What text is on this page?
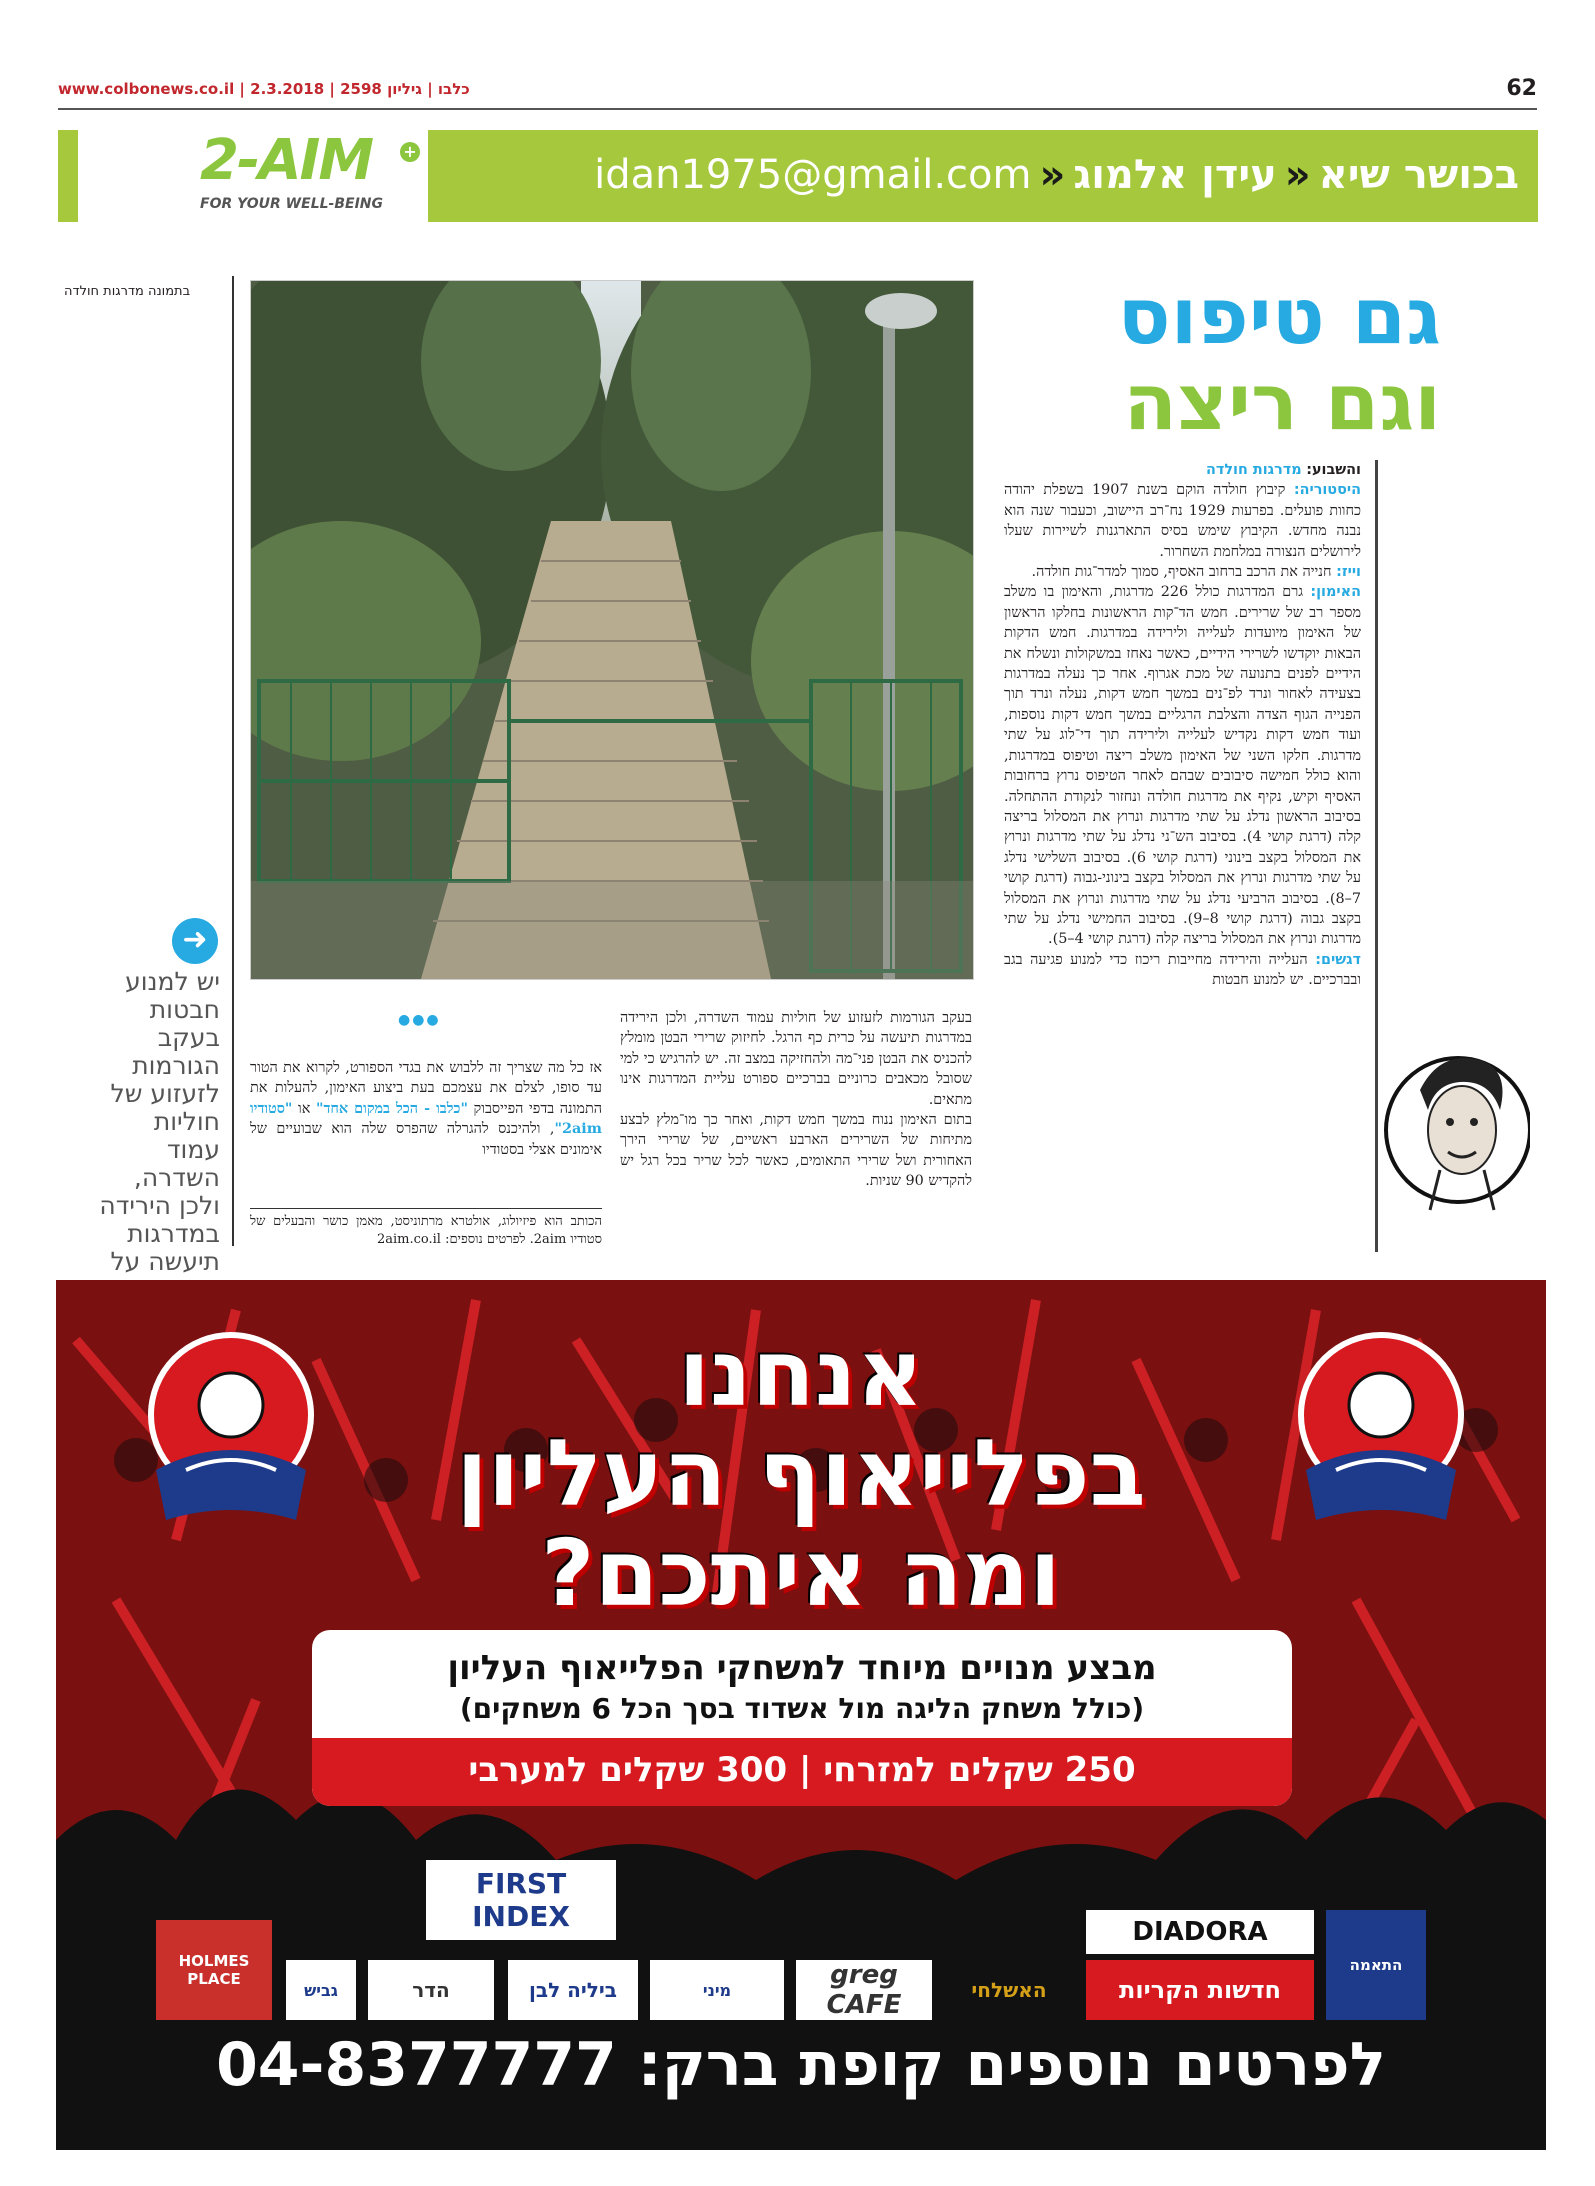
www.colbonews.co.il | כלבו | גיליון 2598 | 2.3.2018	62
2-AIM +
FOR YOUR WELL-BEING
בכושר שיא«עידן אלמוג«idan1975@gmail.com
גם טיפוס
וגם ריצה
בתמונה מדרגות חולדה
והשבוע: מדרגות חולדה
היסטוריה: קיבוץ חולדה הוקם בשנת 1907 בשפלת יהודה כחוות פועלים. בפרעות 1929 נח־רב היישוב, וכעבור שנה הוא נבנה מחדש. הקיבוץ שימש בסיס התארגנות לשיירות שעלו לירושלים הנצורה במלחמת השחרור.
וייז: חנייה את הרכב ברחוב האסיף, סמוך למדר־גות חולדה.
האימון: גרם המדרגות כולל 226 מדרגות, והאימון בו משלב מספר רב של שרירים. חמש הד־קות הראשונות בחלקו הראשון של האימון מיועדות לעלייה ולירידה במדרגות. חמש הדקות הבאות יוקדשו לשרירי הידיים, כאשר נאחז במשקולות ונשלח את הידיים לפנים בתנועה של מכת אגרוף. אחר כך נעלה במדרגות בצעידה לאחור ונרד לפ־נים במשך חמש דקות, נעלה ונרד תוך הפנייה הגוף הצדה והצלבת הרגליים במשך חמש דקות נוספות, ועוד חמש דקות נקדיש לעלייה ולירידה תוך די־לוג על שתי מדרגות. חלקו השני של האימון משלב ריצה וטיפוס במדרגות, והוא כולל חמישה סיבובים שבהם לאחר הטיפוס נרוץ ברחובות האסיף וקיש, נקיף את מדרגות חולדה ונחזור לנקודת ההתחלה. בסיבוב הראשון נדלג על שתי מדרגות ונרוץ את המסלול בריצה קלה (דרגת קושי 4). בסיבוב הש־ני נדלג על שתי מדרגות ונרוץ את המסלול בקצב בינוני (דרגת קושי 6). בסיבוב השלישי נדלג על שתי מדרגות ונרוץ את המסלול בקצב בינוני-גבוה (דרגת קושי 7–8). בסיבוב הרביעי נדלג על שתי מדרגות ונרוץ את המסלול בקצב גבוה (דרגת קושי 8–9). בסיבוב החמישי נדלג על שתי מדרגות ונרוץ את המסלול בריצה קלה (דרגת קושי 4–5).
דגשים: העלייה והירידה מחייבות ריכוז כדי למנוע פגיעה בגב ובברכיים. יש למנוע חבטות
בעקב הגורמות לזעזוע של חוליות עמוד השדרה, ולכן הירידה במדרגות תיעשה על כרית כף הרגל. לחיזוק שרירי הבטן מומלץ להכניס את הבטן פני־מה ולהחזיקה במצב זה. יש להרגיש כי למי שסובל מכאבים כרוניים בברכיים ספורט עליית המדרגות אינו מתאים.
בתום האימון ננוח במשך חמש דקות, ואחר כך מו־מלץ לבצע מתיחות של השרירים הארבע ראשיים, של שרירי הירך האחורית ושל שרירי התאומים, כאשר לכל שריר בכל רגל יש להקדיש 90 שניות.
●●●
אז כל מה שצריך זה ללבוש את בגדי הספורט, לקרוא את הטור עד סופו, לצלם את עצמכם בעת ביצוע האימון, להעלות את התמונה בדפי הפייסבוק "כלבו - הכל במקום אחד" או "סטודיו 2aim", ולהיכנס להגרלה שהפרס שלה הוא שבועיים של אימונים אצלי בסטודיו
הכותב הוא פיזיולוג, אולטרא מרתוניסט, מאמן כושר והבעלים של סטודיו 2aim. לפרטים נוספים: 2aim.co.il
➜
יש למנוע חבטות בעקב הגורמות לזעזוע של חוליות עמוד השדרה, ולכן הירידה במדרגות תיעשה על
אנחנו
בפלייאוף העליון
ומה איתכם?
מבצע מנויים מיוחד למשחקי הפלייאוף העליון
(כולל משחק הליגה מול אשדוד בסך הכל 6 משחקים)
250 שקלים למזרחי | 300 שקלים למערבי
FIRST INDEX
HOLMES PLACE
גביש	הדר	ביליה לבן	מיני	greg CAFE	האשלחי
DIADORA
חדשות הקריות
התאמה
לפרטים נוספים קופת ברק: 04-8377777
